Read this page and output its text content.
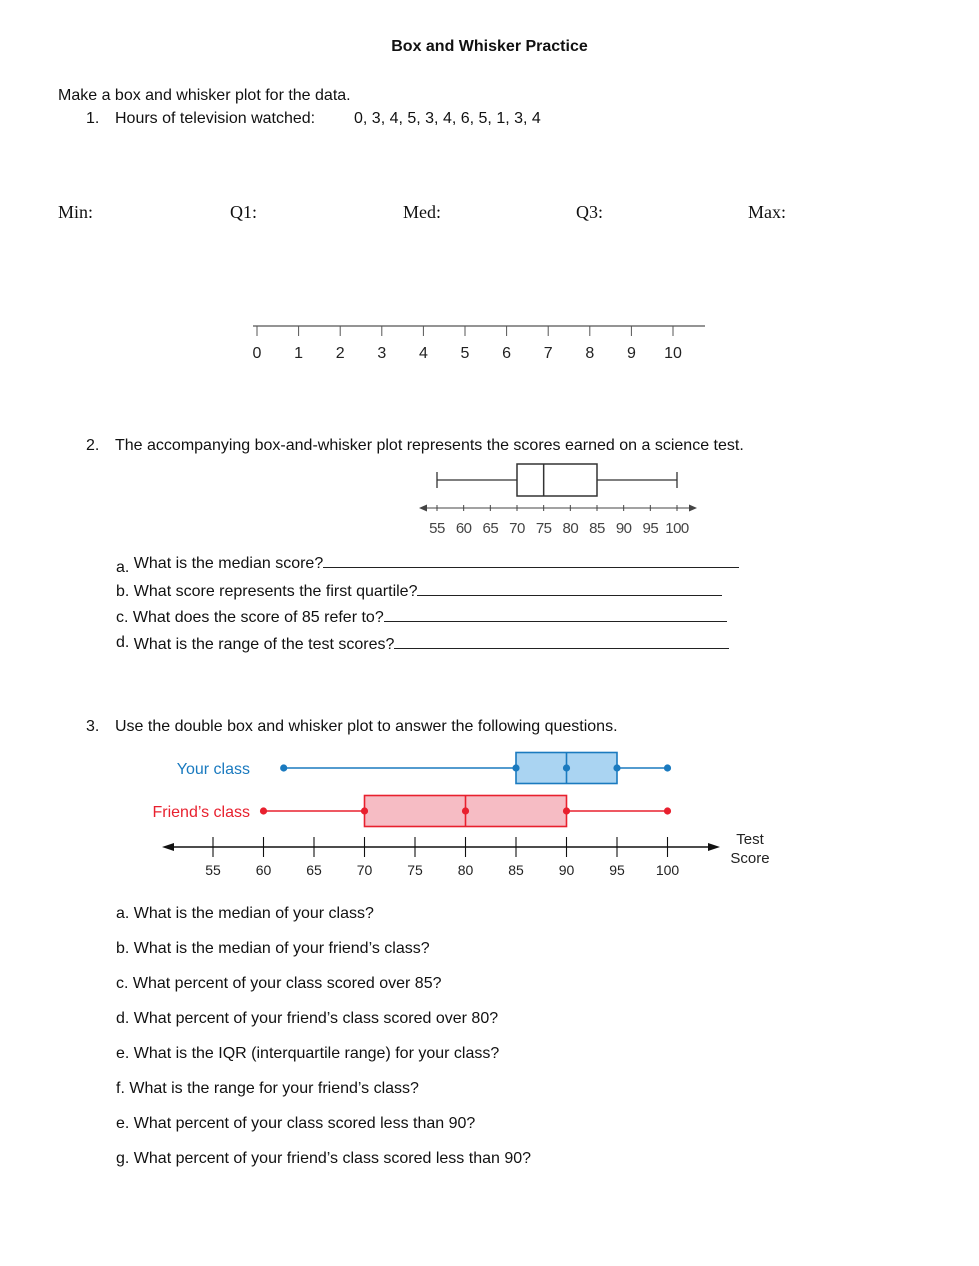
Box and Whisker Practice
Make a box and whisker plot for the data.
1. Hours of television watched: 0, 3, 4, 5, 3, 4, 6, 5, 1, 3, 4
Min:	Q1:	Med:	Q3:	Max:
0 1 2 3 4 5 6 7 8 9 10
2. The accompanying box-and-whisker plot represents the scores earned on a science test.
55 60 65 70 75 80 85 90 95 100
a. What is the median score?
b. What score represents the first quartile?
c. What does the score of 85 refer to?
d. What is the range of the test scores?
3. Use the double box and whisker plot to answer the following questions.
Your class
Friend’s class
55 60 65 70 75 80 85 90 95 100
Test
Score
a. What is the median of your class?
b. What is the median of your friend’s class?
c. What percent of your class scored over 85?
d. What percent of your friend’s class scored over 80?
e. What is the IQR (interquartile range) for your class?
f. What is the range for your friend’s class?
e. What percent of your class scored less than 90?
g. What percent of your friend’s class scored less than 90?
